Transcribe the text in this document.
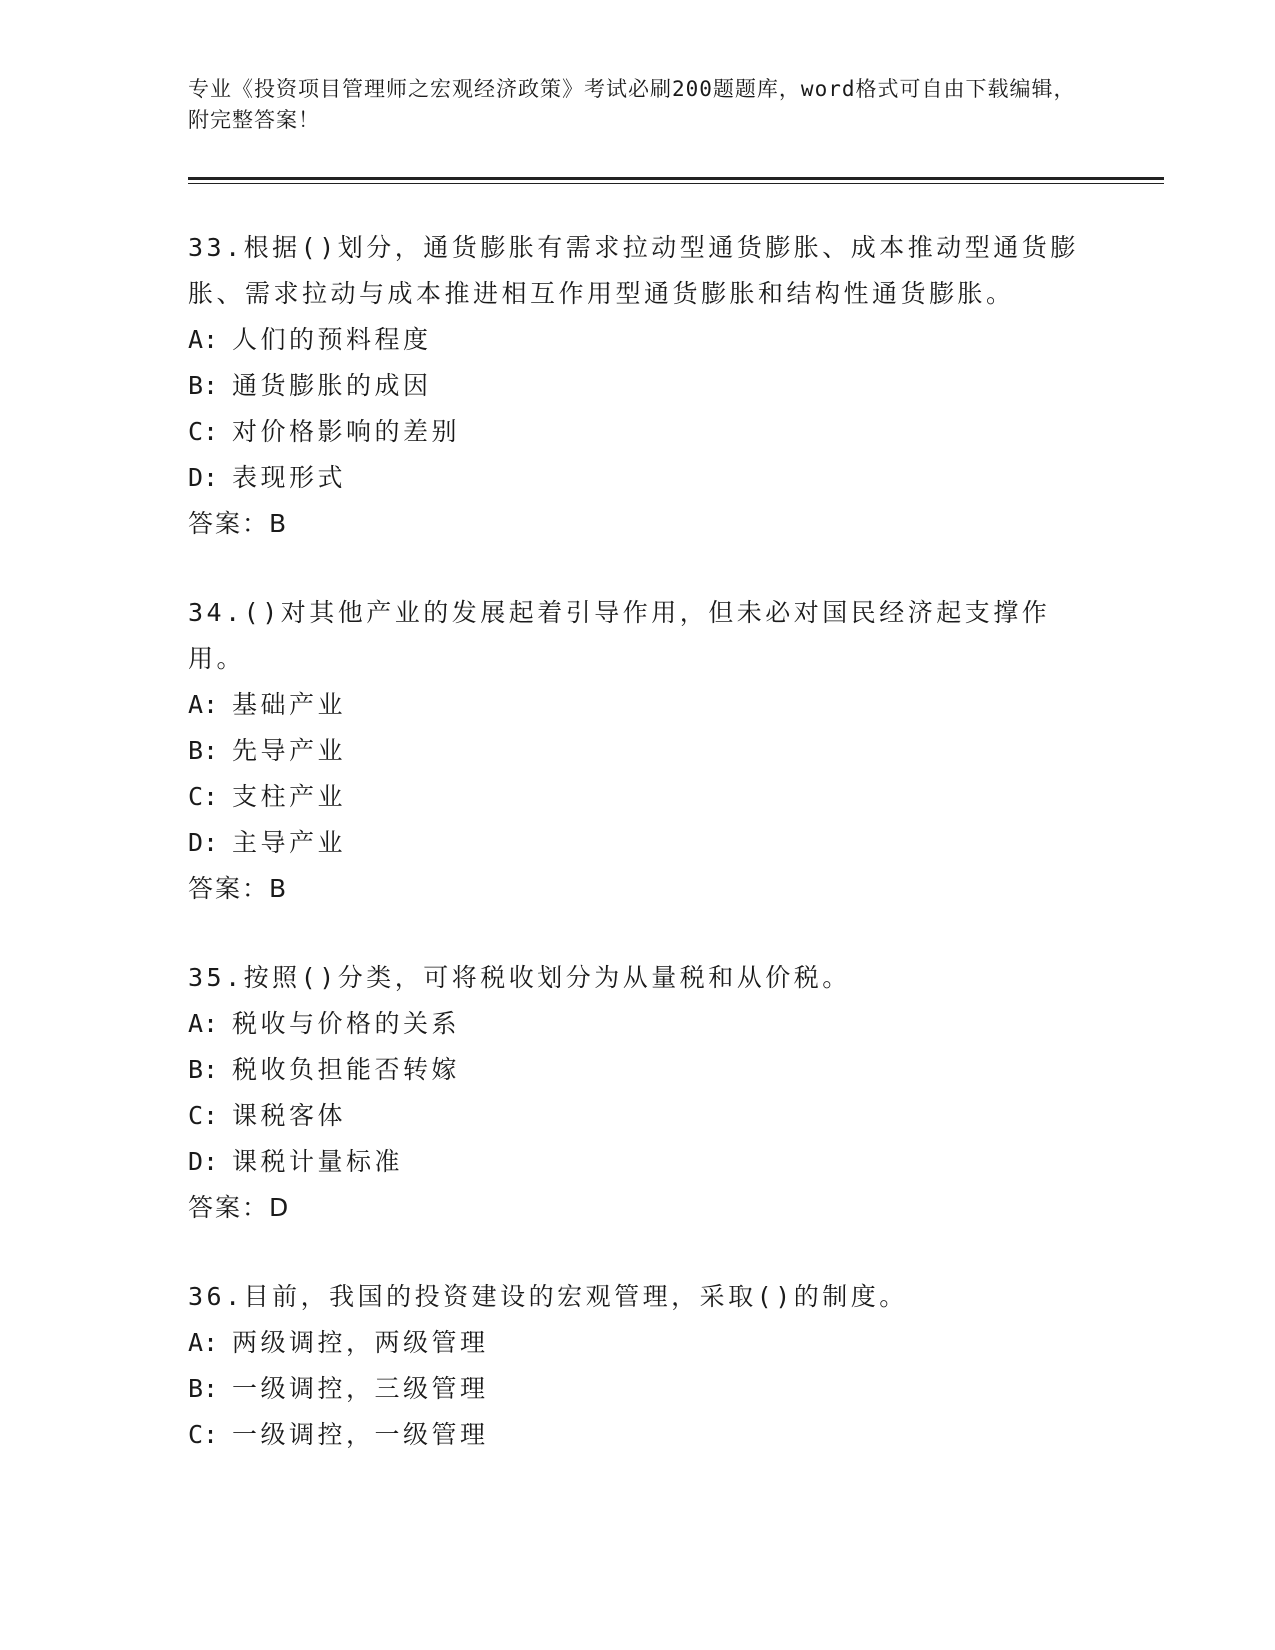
专业《投资项目管理师之宏观经济政策》考试必刷200题题库，word格式可自由下载编辑，附完整答案！

33.根据()划分，通货膨胀有需求拉动型通货膨胀、成本推动型通货膨胀、需求拉动与成本推进相互作用型通货膨胀和结构性通货膨胀。

A: 人们的预料程度
B: 通货膨胀的成因
C: 对价格影响的差别
D: 表现形式
答案：B

34.()对其他产业的发展起着引导作用，但未必对国民经济起支撑作用。

A: 基础产业
B: 先导产业
C: 支柱产业
D: 主导产业
答案：B

35.按照()分类，可将税收划分为从量税和从价税。

A: 税收与价格的关系
B: 税收负担能否转嫁
C: 课税客体
D: 课税计量标准
答案：D

36.目前，我国的投资建设的宏观管理，采取()的制度。

A: 两级调控，两级管理
B: 一级调控，三级管理
C: 一级调控，一级管理
